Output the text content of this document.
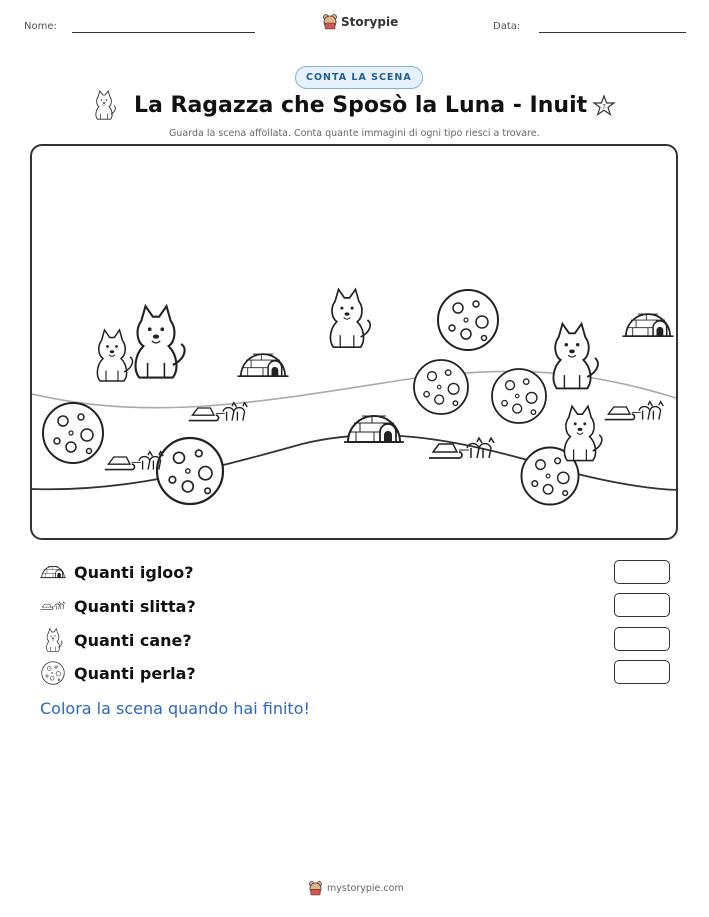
Nome:	Storypie	Data:
CONTA LA SCENA
La Ragazza che Sposò la Luna - Inuit ?
Guarda la scena affollata. Conta quante immagini di ogni tipo riesci a trovare.
Quanti igloo?
Quanti slitta?
Quanti cane?
Quanti perla?
Colora la scena quando hai finito!
mystorypie.com
